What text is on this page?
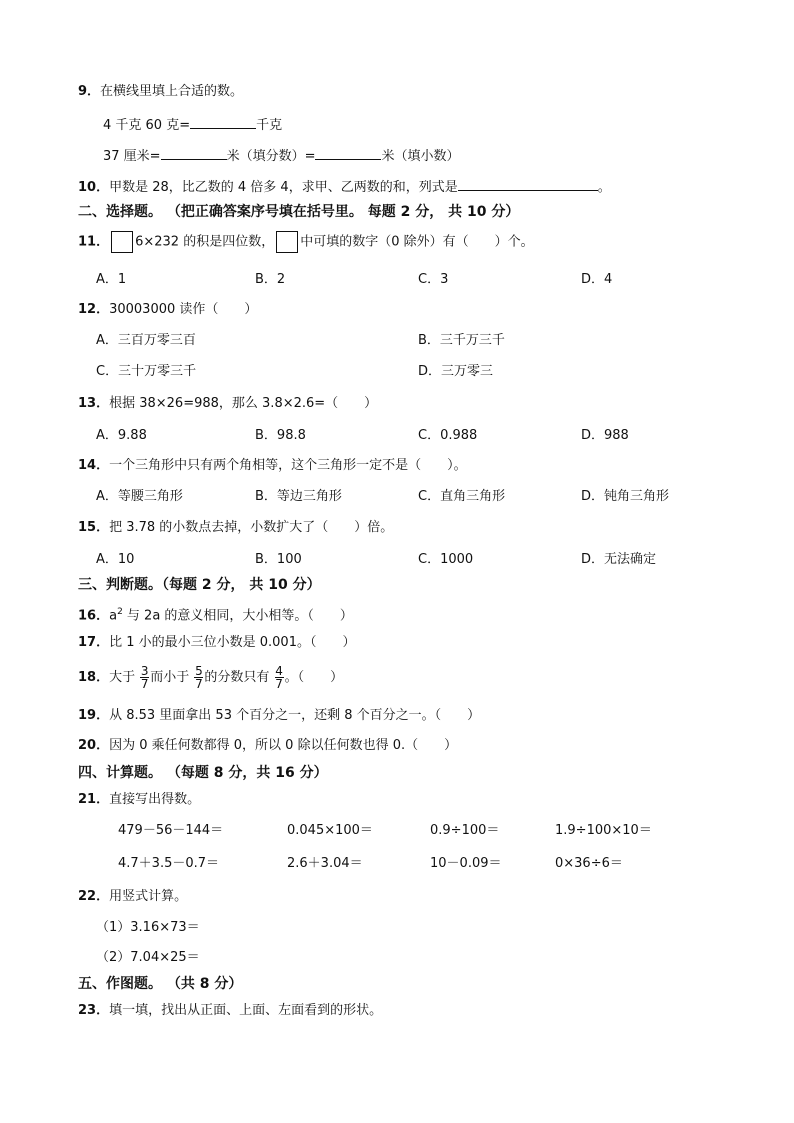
9．在横线里填上合适的数。
4 千克 60 克=	千克
37 厘米=	米（填分数）=	米（填小数）
10．甲数是 28，比乙数的 4 倍多 4，求甲、乙两数的和，列式是	。
二、选择题。 （把正确答案序号填在括号里。 每题 2 分， 共 10 分）
11． 6×232 的积是四位数， 中可填的数字（0 除外）有（　　）个。
A．1	B．2	C．3	D．4
12．30003000 读作（　　）
A．三百万零三百	B．三千万三千
C．三十万零三千	D．三万零三
13．根据 38×26=988，那么 3.8×2.6=（　　）
A．9.88	B．98.8	C．0.988	D．988
14．一个三角形中只有两个角相等，这个三角形一定不是（　　）。
A．等腰三角形	B．等边三角形	C．直角三角形	D．钝角三角形
15．把 3.78 的小数点去掉，小数扩大了（　　）倍。
A．10	B．100	C．1000	D．无法确定
三、判断题。（每题 2 分， 共 10 分）
16．$a^2$ 与 2a 的意义相同，大小相等。（　　）
17．比 1 小的最小三位小数是 0.001。（　　）
18．大于 $\frac{3}{7}$ 而小于 $\frac{5}{7}$ 的分数只有 $\frac{4}{7}$ 。（　　）
19．从 8.53 里面拿出 53 个百分之一，还剩 8 个百分之一。（　　）
20．因为 0 乘任何数都得 0，所以 0 除以任何数也得 0.（　　）
四、计算题。 （每题 8 分，共 16 分）
21．直接写出得数。
479－56－144＝	0.045×100＝	0.9÷100＝	1.9÷100×10＝
4.7＋3.5－0.7＝	2.6＋3.04＝	10－0.09＝	0×36÷6＝
22．用竖式计算。
（1）3.16×73＝
（2）7.04×25＝
五、作图题。 （共 8 分）
23．填一填，找出从正面、上面、左面看到的形状。
